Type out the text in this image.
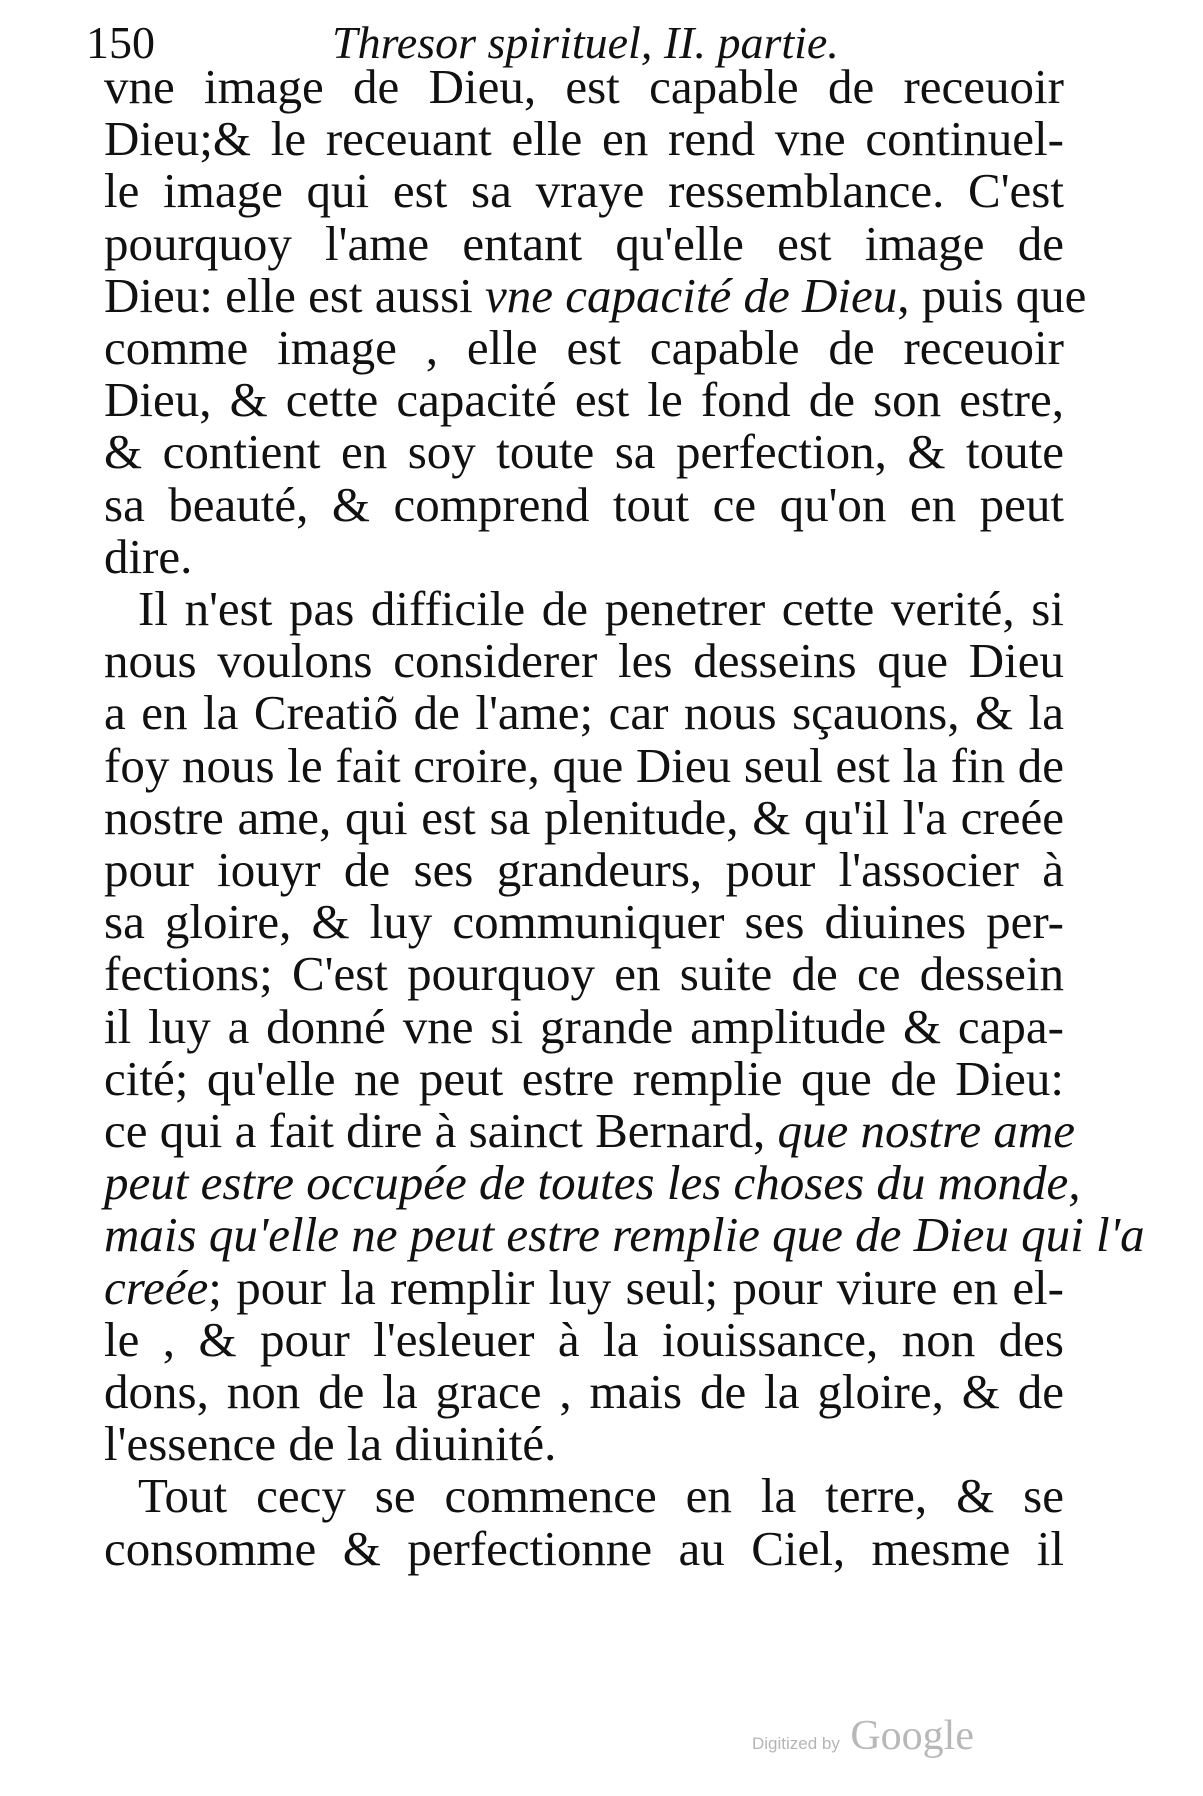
150	Thresor spirituel, II. partie.
vne image de Dieu, est capable de receuoir
Dieu;& le receuant elle en rend vne continuel-
le image qui est sa vraye ressemblance. C'est
pourquoy l'ame entant qu'elle est image de
Dieu: elle est aussi vne capacité de Dieu, puis que
comme image , elle est capable de receuoir
Dieu, & cette capacité est le fond de son estre,
& contient en soy toute sa perfection, & toute
sa beauté, & comprend tout ce qu'on en peut
dire.
Il n'est pas difficile de penetrer cette verité, si
nous voulons considerer les desseins que Dieu
a en la Creatiõ de l'ame; car nous sçauons, & la
foy nous le fait croire, que Dieu seul est la fin de
nostre ame, qui est sa plenitude, & qu'il l'a creée
pour iouyr de ses grandeurs, pour l'associer à
sa gloire, & luy communiquer ses diuines per-
fections; C'est pourquoy en suite de ce dessein
il luy a donné vne si grande amplitude & capa-
cité; qu'elle ne peut estre remplie que de Dieu:
ce qui a fait dire à sainct Bernard, que nostre ame
peut estre occupée de toutes les choses du monde,
mais qu'elle ne peut estre remplie que de Dieu qui l'a
creée; pour la remplir luy seul; pour viure en el-
le , & pour l'esleuer à la iouissance, non des
dons, non de la grace , mais de la gloire, & de
l'essence de la diuinité.
Tout cecy se commence en la terre, & se
consomme & perfectionne au Ciel, mesme il
Digitized by Google
